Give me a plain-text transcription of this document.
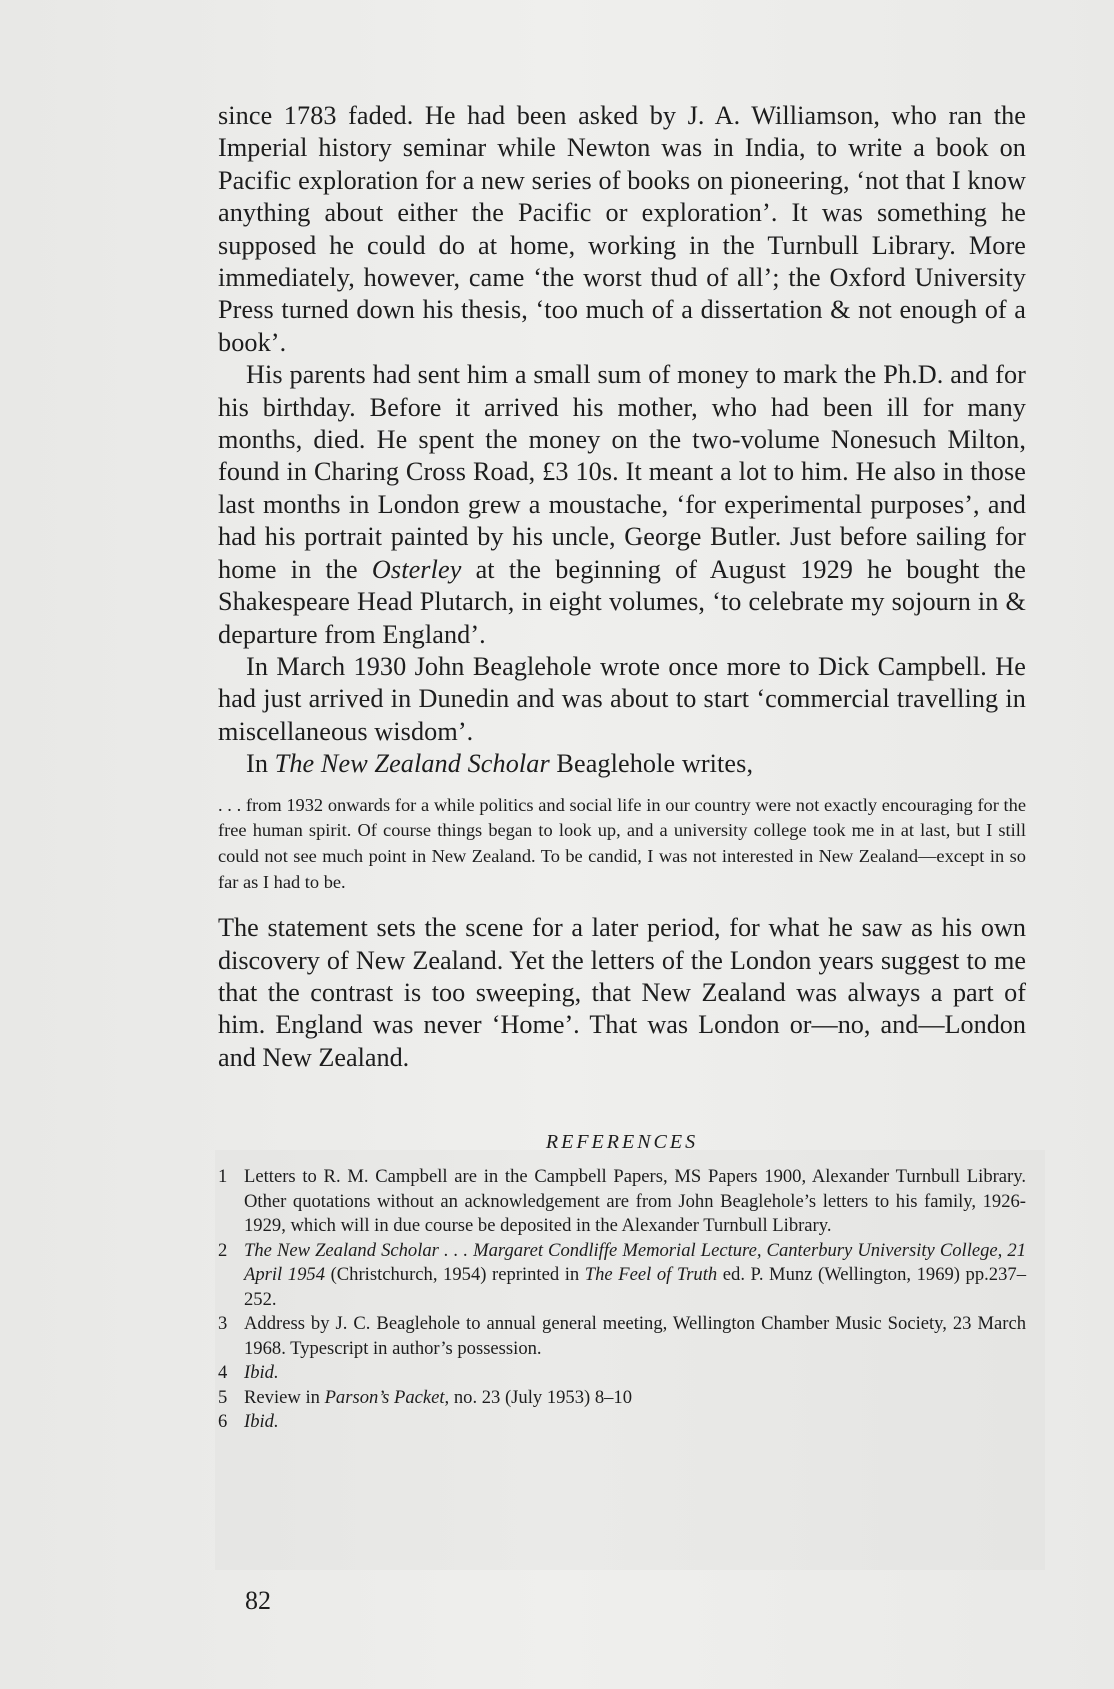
since 1783 faded. He had been asked by J. A. Williamson, who ran the Imperial history seminar while Newton was in India, to write a book on Pacific exploration for a new series of books on pioneering, ‘not that I know anything about either the Pacific or exploration’. It was something he supposed he could do at home, working in the Turnbull Library. More immediately, however, came ‘the worst thud of all’; the Oxford University Press turned down his thesis, ‘too much of a dissertation & not enough of a book’.

His parents had sent him a small sum of money to mark the Ph.D. and for his birthday. Before it arrived his mother, who had been ill for many months, died. He spent the money on the two-volume Nonesuch Milton, found in Charing Cross Road, £3 10s. It meant a lot to him. He also in those last months in London grew a moustache, ‘for experimental purposes’, and had his portrait painted by his uncle, George Butler. Just before sailing for home in the Osterley at the beginning of August 1929 he bought the Shakespeare Head Plutarch, in eight volumes, ‘to celebrate my sojourn in & departure from England’.

In March 1930 John Beaglehole wrote once more to Dick Campbell. He had just arrived in Dunedin and was about to start ‘commercial travelling in miscellaneous wisdom’.

In The New Zealand Scholar Beaglehole writes,

. . . from 1932 onwards for a while politics and social life in our country were not exactly encouraging for the free human spirit. Of course things began to look up, and a university college took me in at last, but I still could not see much point in New Zealand. To be candid, I was not interested in New Zealand—except in so far as I had to be.

The statement sets the scene for a later period, for what he saw as his own discovery of New Zealand. Yet the letters of the London years suggest to me that the contrast is too sweeping, that New Zealand was always a part of him. England was never ‘Home’. That was London or—no, and—London and New Zealand.

REFERENCES
1 Letters to R. M. Campbell are in the Campbell Papers, MS Papers 1900, Alexander Turnbull Library. Other quotations without an acknowledgement are from John Beaglehole’s letters to his family, 1926-1929, which will in due course be deposited in the Alexander Turnbull Library.
2 The New Zealand Scholar . . . Margaret Condliffe Memorial Lecture, Canterbury University College, 21 April 1954 (Christchurch, 1954) reprinted in The Feel of Truth ed. P. Munz (Wellington, 1969) pp.237–252.
3 Address by J. C. Beaglehole to annual general meeting, Wellington Chamber Music Society, 23 March 1968. Typescript in author’s possession.
4 Ibid.
5 Review in Parson’s Packet, no. 23 (July 1953) 8–10
6 Ibid.
82
